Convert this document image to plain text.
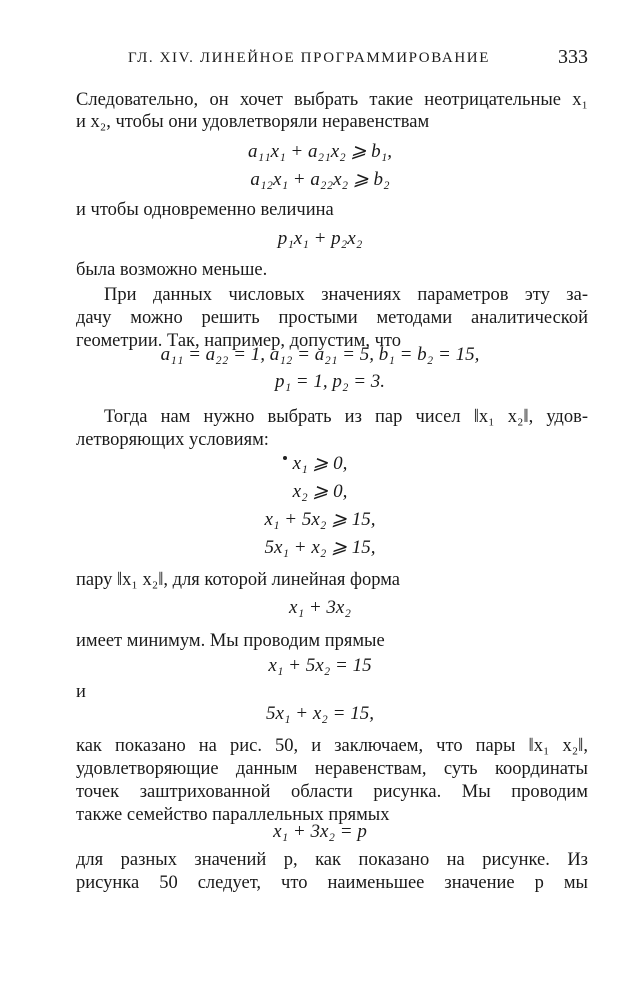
ГЛ. XIV. ЛИНЕЙНОЕ ПРОГРАММИРОВАНИЕ	333
Следовательно, он хочет выбрать такие неотрицательные x₁
и x₂, чтобы они удовлетворяли неравенствам
a₁₁x₁ + a₂₁x₂ ⩾ b₁,
a₁₂x₁ + a₂₂x₂ ⩾ b₂
и чтобы одновременно величина
p₁x₁ + p₂x₂
была возможно меньше.
При данных числовых значениях параметров эту за-
дачу можно решить простыми методами аналитической
геометрии. Так, например, допустим, что
a₁₁ = a₂₂ = 1, a₁₂ = a₂₁ = 5, b₁ = b₂ = 15,
p₁ = 1, p₂ = 3.
Тогда нам нужно выбрать из пар чисел ‖x₁ x₂‖, удов-
летворяющих условиям:
x₁ ⩾ 0,
x₂ ⩾ 0,
x₁ + 5x₂ ⩾ 15,
5x₁ + x₂ ⩾ 15,
пару ‖x₁ x₂‖, для которой линейная форма
x₁ + 3x₂
имеет минимум. Мы проводим прямые
x₁ + 5x₂ = 15
и
5x₁ + x₂ = 15,
как показано на рис. 50, и заключаем, что пары ‖x₁ x₂‖,
удовлетворяющие данным неравенствам, суть координаты
точек заштрихованной области рисунка. Мы проводим
также семейство параллельных прямых
x₁ + 3x₂ = p
для разных значений p, как показано на рисунке. Из
рисунка 50 следует, что наименьшее значение p мы
